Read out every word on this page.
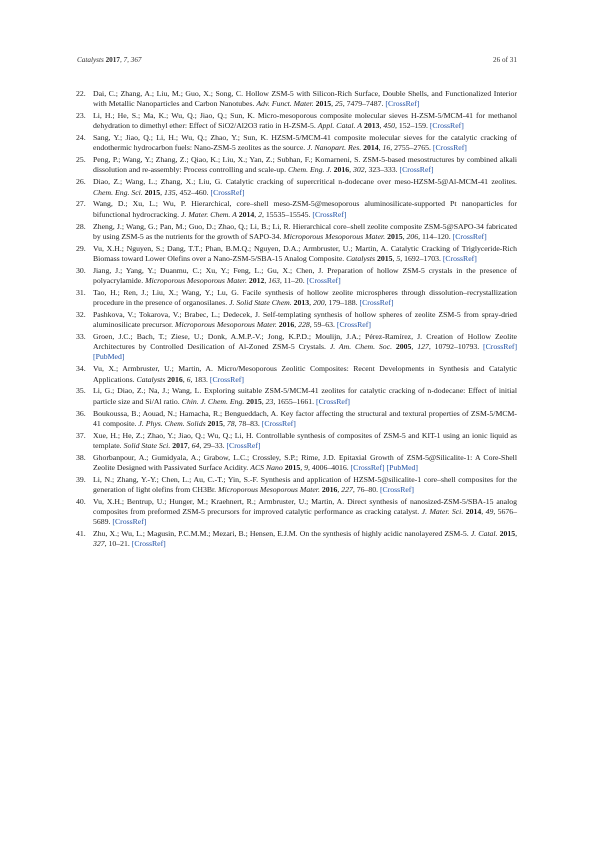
Catalysts 2017, 7, 367	26 of 31
22. Dai, C.; Zhang, A.; Liu, M.; Guo, X.; Song, C. Hollow ZSM-5 with Silicon-Rich Surface, Double Shells, and Functionalized Interior with Metallic Nanoparticles and Carbon Nanotubes. Adv. Funct. Mater. 2015, 25, 7479–7487. [CrossRef]
23. Li, H.; He, S.; Ma, K.; Wu, Q.; Jiao, Q.; Sun, K. Micro-mesoporous composite molecular sieves H-ZSM-5/MCM-41 for methanol dehydration to dimethyl ether: Effect of SiO2/Al2O3 ratio in H-ZSM-5. Appl. Catal. A 2013, 450, 152–159. [CrossRef]
24. Sang, Y.; Jiao, Q.; Li, H.; Wu, Q.; Zhao, Y.; Sun, K. HZSM-5/MCM-41 composite molecular sieves for the catalytic cracking of endothermic hydrocarbon fuels: Nano-ZSM-5 zeolites as the source. J. Nanopart. Res. 2014, 16, 2755–2765. [CrossRef]
25. Peng, P.; Wang, Y.; Zhang, Z.; Qiao, K.; Liu, X.; Yan, Z.; Subhan, F.; Komarneni, S. ZSM-5-based mesostructures by combined alkali dissolution and re-assembly: Process controlling and scale-up. Chem. Eng. J. 2016, 302, 323–333. [CrossRef]
26. Diao, Z.; Wang, L.; Zhang, X.; Liu, G. Catalytic cracking of supercritical n-dodecane over meso-HZSM-5@Al-MCM-41 zeolites. Chem. Eng. Sci. 2015, 135, 452–460. [CrossRef]
27. Wang, D.; Xu, L.; Wu, P. Hierarchical, core–shell meso-ZSM-5@mesoporous aluminosilicate-supported Pt nanoparticles for bifunctional hydrocracking. J. Mater. Chem. A 2014, 2, 15535–15545. [CrossRef]
28. Zheng, J.; Wang, G.; Pan, M.; Guo, D.; Zhao, Q.; Li, B.; Li, R. Hierarchical core–shell zeolite composite ZSM-5@SAPO-34 fabricated by using ZSM-5 as the nutrients for the growth of SAPO-34. Microporous Mesoporous Mater. 2015, 206, 114–120. [CrossRef]
29. Vu, X.H.; Nguyen, S.; Dang, T.T.; Phan, B.M.Q.; Nguyen, D.A.; Armbruster, U.; Martin, A. Catalytic Cracking of Triglyceride-Rich Biomass toward Lower Olefins over a Nano-ZSM-5/SBA-15 Analog Composite. Catalysts 2015, 5, 1692–1703. [CrossRef]
30. Jiang, J.; Yang, Y.; Duanmu, C.; Xu, Y.; Feng, L.; Gu, X.; Chen, J. Preparation of hollow ZSM-5 crystals in the presence of polyacrylamide. Microporous Mesoporous Mater. 2012, 163, 11–20. [CrossRef]
31. Tao, H.; Ren, J.; Liu, X.; Wang, Y.; Lu, G. Facile synthesis of hollow zeolite microspheres through dissolution–recrystallization procedure in the presence of organosilanes. J. Solid State Chem. 2013, 200, 179–188. [CrossRef]
32. Pashkova, V.; Tokarova, V.; Brabec, L.; Dedecek, J. Self-templating synthesis of hollow spheres of zeolite ZSM-5 from spray-dried aluminosilicate precursor. Microporous Mesoporous Mater. 2016, 228, 59–63. [CrossRef]
33. Groen, J.C.; Bach, T.; Ziese, U.; Donk, A.M.P.-V.; Jong, K.P.D.; Moulijn, J.A.; Pérez-Ramírez, J. Creation of Hollow Zeolite Architectures by Controlled Desilication of Al-Zoned ZSM-5 Crystals. J. Am. Chem. Soc. 2005, 127, 10792–10793. [CrossRef] [PubMed]
34. Vu, X.; Armbruster, U.; Martin, A. Micro/Mesoporous Zeolitic Composites: Recent Developments in Synthesis and Catalytic Applications. Catalysts 2016, 6, 183. [CrossRef]
35. Li, G.; Diao, Z.; Na, J.; Wang, L. Exploring suitable ZSM-5/MCM-41 zeolites for catalytic cracking of n-dodecane: Effect of initial particle size and Si/Al ratio. Chin. J. Chem. Eng. 2015, 23, 1655–1661. [CrossRef]
36. Boukoussa, B.; Aouad, N.; Hamacha, R.; Bengueddach, A. Key factor affecting the structural and textural properties of ZSM-5/MCM-41 composite. J. Phys. Chem. Solids 2015, 78, 78–83. [CrossRef]
37. Xue, H.; He, Z.; Zhao, Y.; Jiao, Q.; Wu, Q.; Li, H. Controllable synthesis of composites of ZSM-5 and KIT-1 using an ionic liquid as template. Solid State Sci. 2017, 64, 29–33. [CrossRef]
38. Ghorbanpour, A.; Gumidyala, A.; Grabow, L.C.; Crossley, S.P.; Rime, J.D. Epitaxial Growth of ZSM-5@Silicalite-1: A Core-Shell Zeolite Designed with Passivated Surface Acidity. ACS Nano 2015, 9, 4006–4016. [CrossRef] [PubMed]
39. Li, N.; Zhang, Y.-Y.; Chen, L.; Au, C.-T.; Yin, S.-F. Synthesis and application of HZSM-5@silicalite-1 core–shell composites for the generation of light olefins from CH3Br. Microporous Mesoporous Mater. 2016, 227, 76–80. [CrossRef]
40. Vu, X.H.; Bentrup, U.; Hunger, M.; Kraehnert, R.; Armbruster, U.; Martin, A. Direct synthesis of nanosized-ZSM-5/SBA-15 analog composites from preformed ZSM-5 precursors for improved catalytic performance as cracking catalyst. J. Mater. Sci. 2014, 49, 5676–5689. [CrossRef]
41. Zhu, X.; Wu, L.; Magusin, P.C.M.M.; Mezari, B.; Hensen, E.J.M. On the synthesis of highly acidic nanolayered ZSM-5. J. Catal. 2015, 327, 10–21. [CrossRef]
